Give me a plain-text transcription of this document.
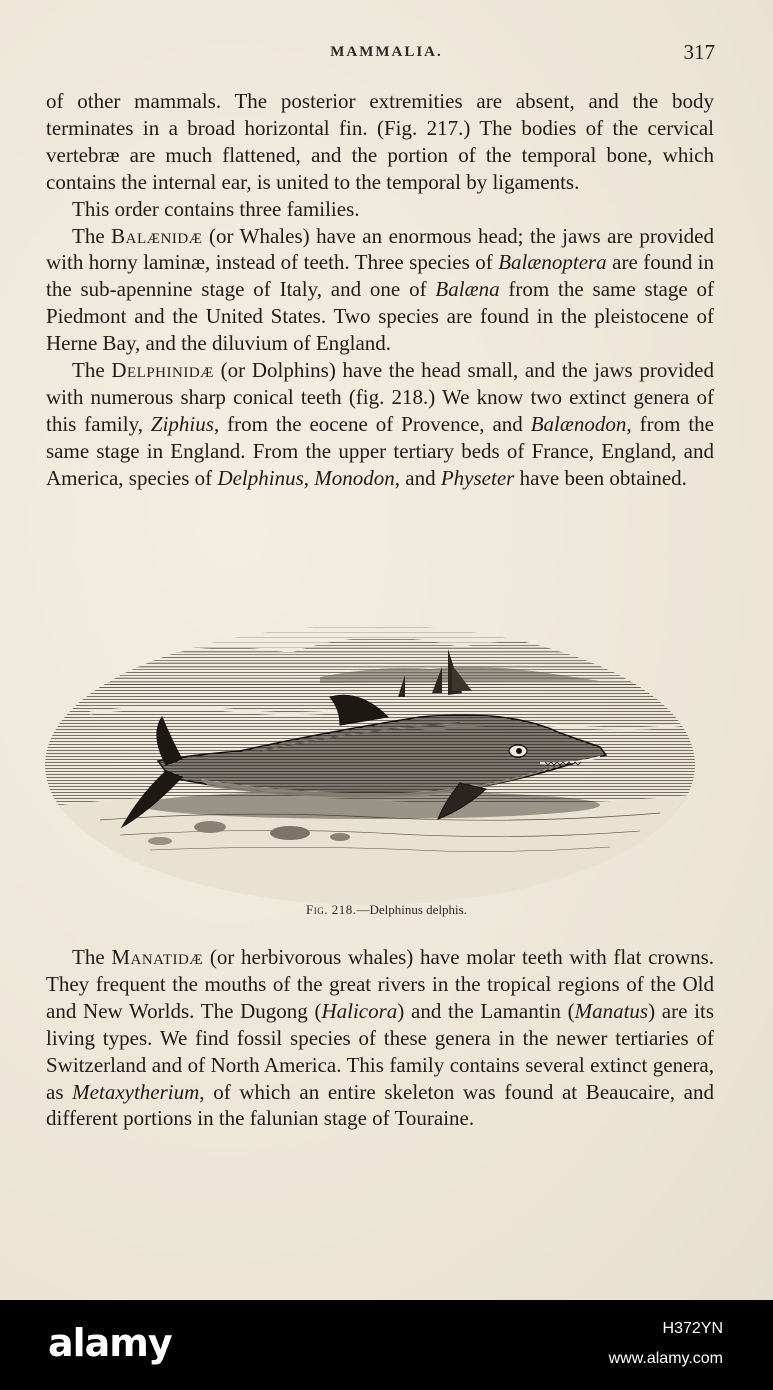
MAMMALIA.	317

of other mammals. The posterior extremities are absent, and the body terminates in a broad horizontal fin. (Fig. 217.) The bodies of the cervical vertebræ are much flattened, and the portion of the temporal bone, which contains the internal ear, is united to the temporal by ligaments.

This order contains three families.

The Balænidæ (or Whales) have an enormous head; the jaws are provided with horny laminæ, instead of teeth. Three species of Balænoptera are found in the sub-apennine stage of Italy, and one of Balæna from the same stage of Piedmont and the United States. Two species are found in the pleistocene of Herne Bay, and the diluvium of England.

The Delphinidæ (or Dolphins) have the head small, and the jaws provided with numerous sharp conical teeth (fig. 218.) We know two extinct genera of this family, Ziphius, from the eocene of Provence, and Balænodon, from the same stage in England. From the upper tertiary beds of France, England, and America, species of Delphinus, Monodon, and Physeter have been obtained.

Fig. 218.—Delphinus delphis.

The Manatidæ (or herbivorous whales) have molar teeth with flat crowns. They frequent the mouths of the great rivers in the tropical regions of the Old and New Worlds. The Dugong (Halicora) and the Lamantin (Manatus) are its living types. We find fossil species of these genera in the newer tertiaries of Switzerland and of North America. This family contains several extinct genera, as Metaxytherium, of which an entire skeleton was found at Beaucaire, and different portions in the falunian stage of Touraine.

alamy	H372YN
www.alamy.com
